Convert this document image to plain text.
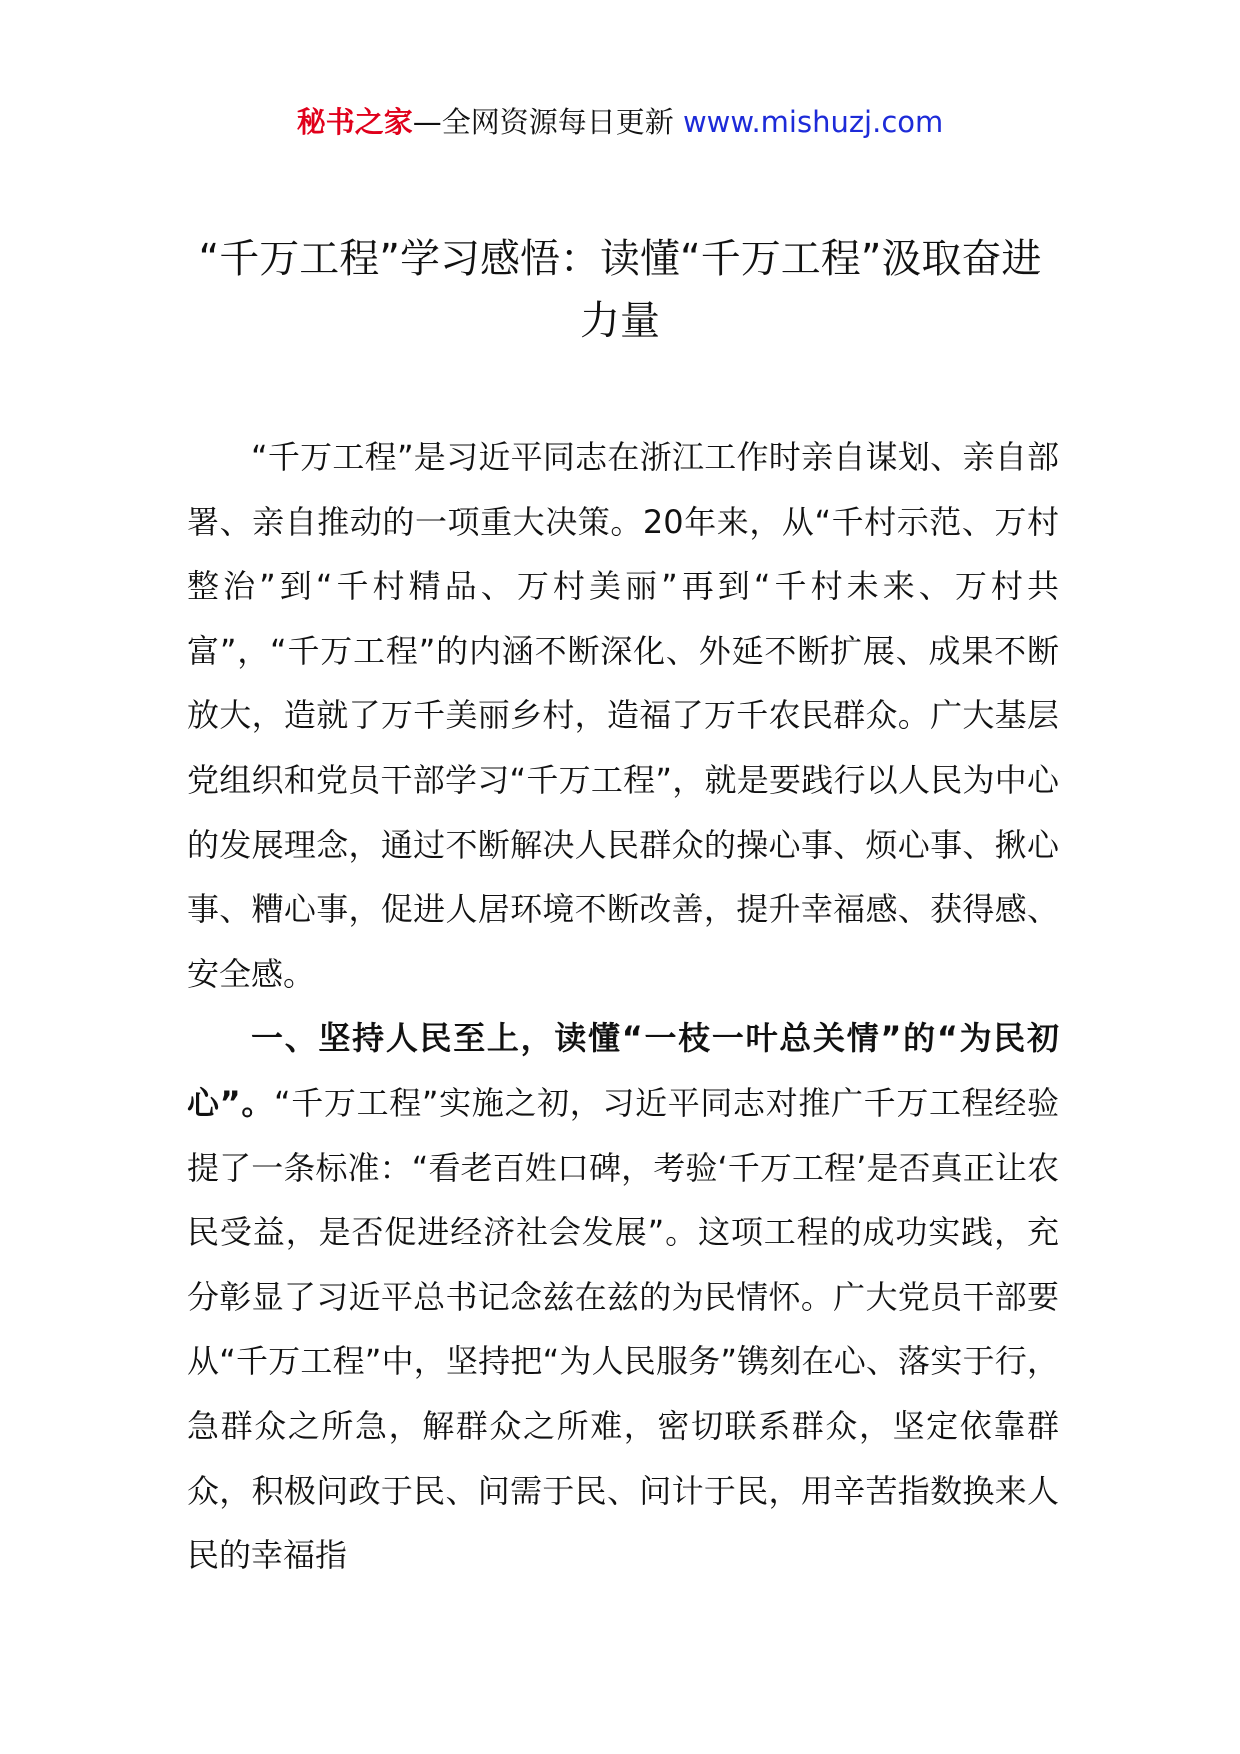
秘书之家—全网资源每日更新 www.mishuzj.com
“千万工程”学习感悟：读懂“千万工程”汲取奋进力量

“千万工程”是习近平同志在浙江工作时亲自谋划、亲自部署、亲自推动的一项重大决策。20年来，从“千村示范、万村整治”到“千村精品、万村美丽”再到“千村未来、万村共富”，“千万工程”的内涵不断深化、外延不断扩展、成果不断放大，造就了万千美丽乡村，造福了万千农民群众。广大基层党组织和党员干部学习“千万工程”，就是要践行以人民为中心的发展理念，通过不断解决人民群众的操心事、烦心事、揪心事、糟心事，促进人居环境不断改善，提升幸福感、获得感、安全感。

一、坚持人民至上，读懂“一枝一叶总关情”的“为民初心”。“千万工程”实施之初，习近平同志对推广千万工程经验提了一条标准：“看老百姓口碑，考验‘千万工程’是否真正让农民受益，是否促进经济社会发展”。这项工程的成功实践，充分彰显了习近平总书记念兹在兹的为民情怀。广大党员干部要从“千万工程”中，坚持把“为人民服务”镌刻在心、落实于行，急群众之所急，解群众之所难，密切联系群众，坚定依靠群众，积极问政于民、问需于民、问计于民，用辛苦指数换来人民的幸福指
